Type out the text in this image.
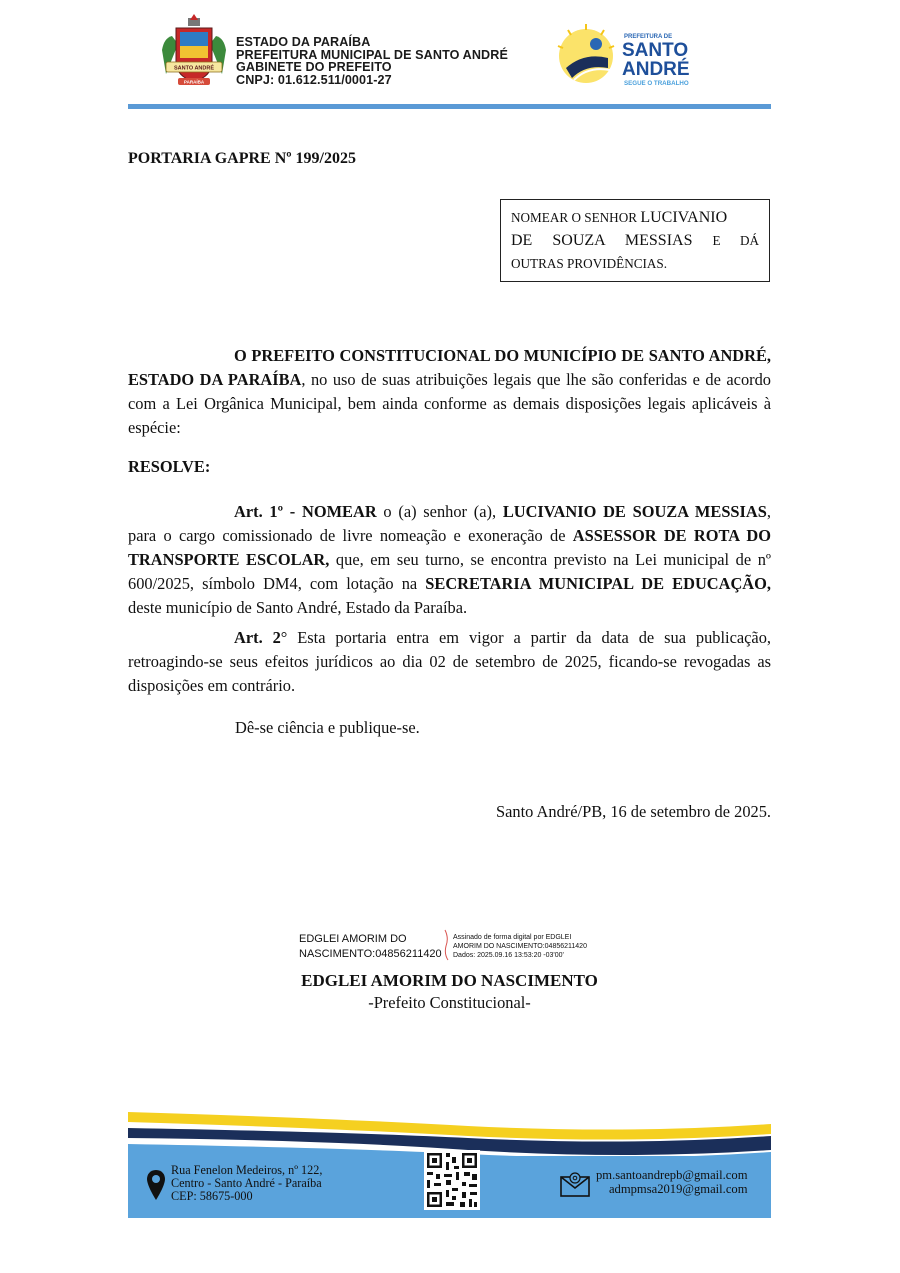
SANTO ANDRÉ
PARAÍBA
ESTADO DA PARAÍBA
PREFEITURA MUNICIPAL DE SANTO ANDRÉ
GABINETE DO PREFEITO
CNPJ: 01.612.511/0001-27
PREFEITURA DE
SANTO
ANDRÉ
SEGUE O TRABALHO
PORTARIA GAPRE Nº 199/2025
NOMEAR O SENHOR LUCIVANIO
DE SOUZA MESSIAS E DÁ
OUTRAS PROVIDÊNCIAS.
O PREFEITO CONSTITUCIONAL DO MUNICÍPIO DE SANTO ANDRÉ, ESTADO DA PARAÍBA, no uso de suas atribuições legais que lhe são conferidas e de acordo com a Lei Orgânica Municipal, bem ainda conforme as demais disposições legais aplicáveis à espécie:
RESOLVE:
Art. 1º - NOMEAR o (a) senhor (a), LUCIVANIO DE SOUZA MESSIAS, para o cargo comissionado de livre nomeação e exoneração de ASSESSOR DE ROTA DO TRANSPORTE ESCOLAR, que, em seu turno, se encontra previsto na Lei municipal de nº 600/2025, símbolo DM4, com lotação na SECRETARIA MUNICIPAL DE EDUCAÇÃO, deste município de Santo André, Estado da Paraíba.
Art. 2° Esta portaria entra em vigor a partir da data de sua publicação, retroagindo-se seus efeitos jurídicos ao dia 02 de setembro de 2025, ficando-se revogadas as disposições em contrário.
Dê-se ciência e publique-se.
Santo André/PB, 16 de setembro de 2025.
EDGLEI AMORIM DO
NASCIMENTO:04856211420
Assinado de forma digital por EDGLEI
AMORIM DO NASCIMENTO:04856211420
Dados: 2025.09.16 13:53:20 -03'00'
EDGLEI AMORIM DO NASCIMENTO
-Prefeito Constitucional-
Rua Fenelon Medeiros, nº 122,
Centro - Santo André - Paraíba
CEP: 58675-000
pm.santoandrepb@gmail.com
admpmsa2019@gmail.com
